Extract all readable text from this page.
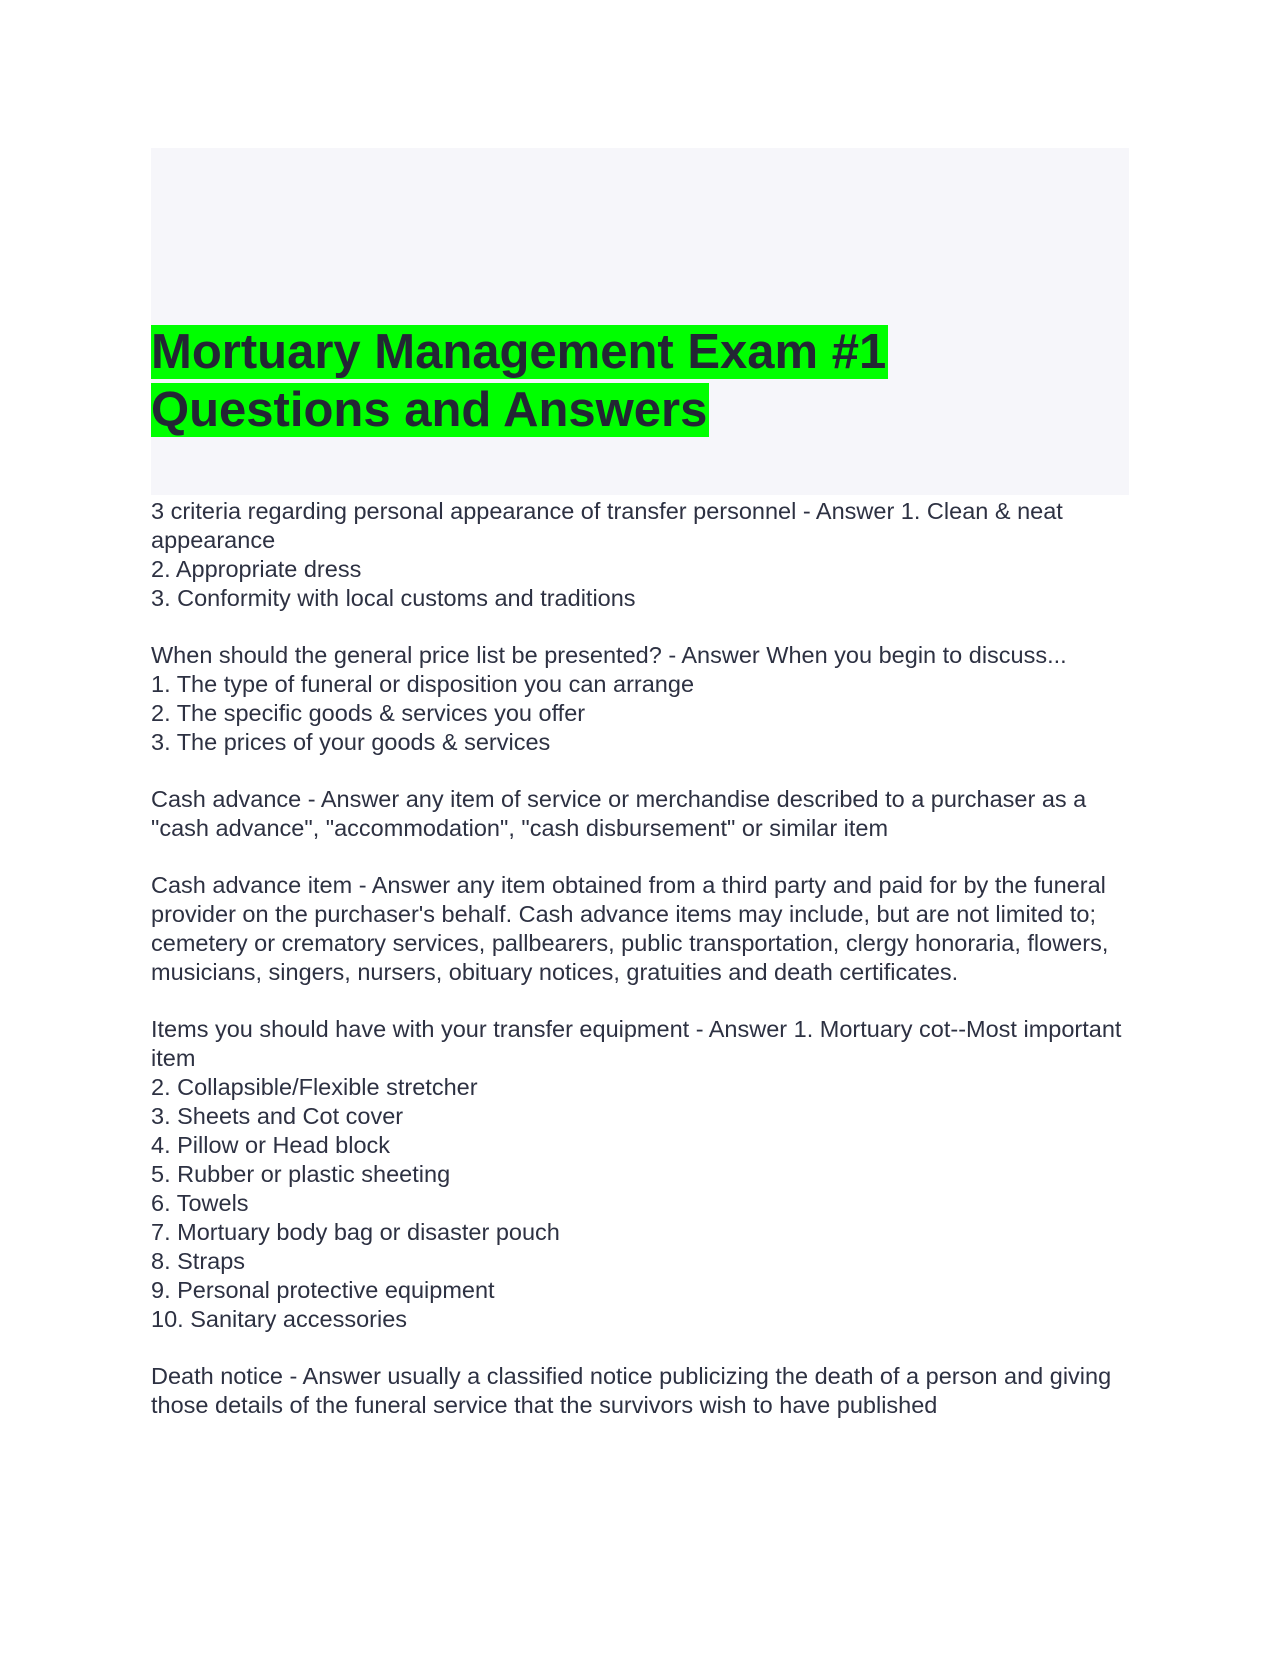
Mortuary Management Exam #1
Questions and Answers

3 criteria regarding personal appearance of transfer personnel - Answer 1. Clean & neat appearance

2. Appropriate dress

3. Conformity with local customs and traditions

When should the general price list be presented? - Answer When you begin to discuss...

1. The type of funeral or disposition you can arrange

2. The specific goods & services you offer

3. The prices of your goods & services

Cash advance - Answer any item of service or merchandise described to a purchaser as a "cash advance", "accommodation", "cash disbursement" or similar item

Cash advance item - Answer any item obtained from a third party and paid for by the funeral provider on the purchaser's behalf. Cash advance items may include, but are not limited to; cemetery or crematory services, pallbearers, public transportation, clergy honoraria, flowers, musicians, singers, nursers, obituary notices, gratuities and death certificates.

Items you should have with your transfer equipment - Answer 1. Mortuary cot--Most important item

2. Collapsible/Flexible stretcher

3. Sheets and Cot cover

4. Pillow or Head block

5. Rubber or plastic sheeting

6. Towels

7. Mortuary body bag or disaster pouch

8. Straps

9. Personal protective equipment

10. Sanitary accessories

Death notice - Answer usually a classified notice publicizing the death of a person and giving those details of the funeral service that the survivors wish to have published
